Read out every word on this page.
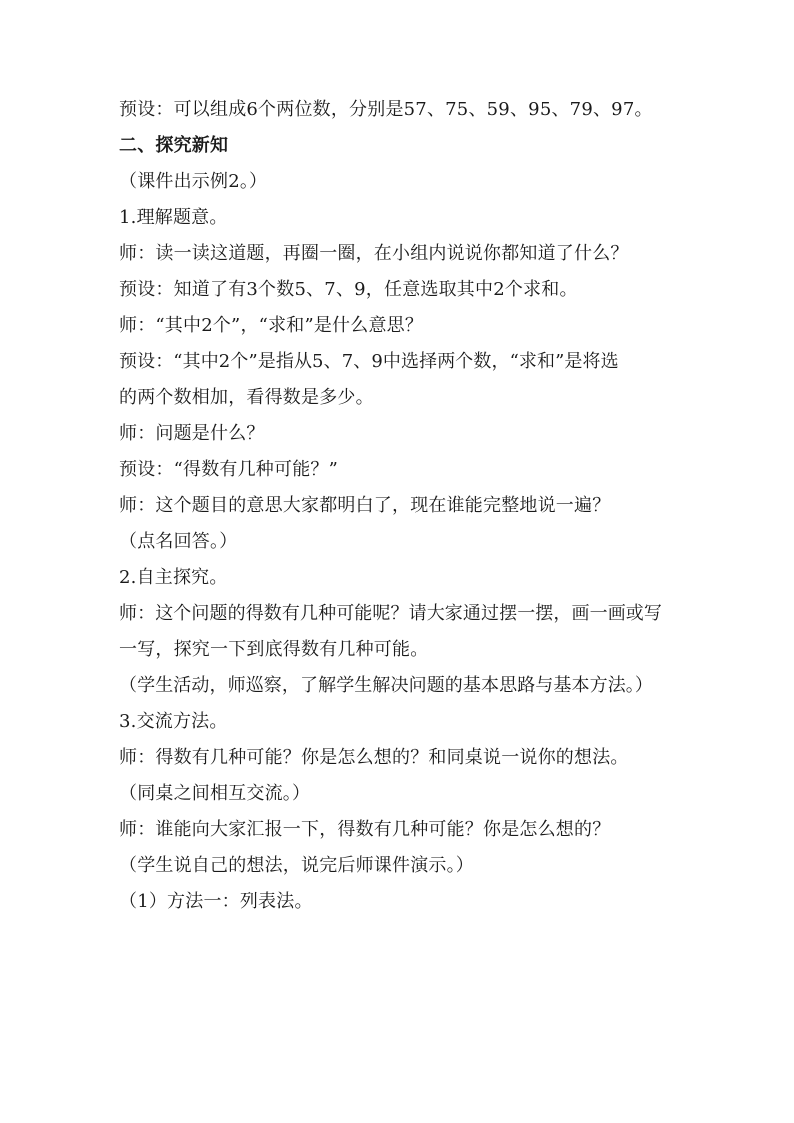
预设：可以组成6个两位数，分别是57、75、59、95、79、97。
二、探究新知
（课件出示例2。）
1.理解题意。
师：读一读这道题，再圈一圈，在小组内说说你都知道了什么？
预设：知道了有3个数5、7、9，任意选取其中2个求和。
师：“其中2个”，“求和”是什么意思？
预设：“其中2个”是指从5、7、9中选择两个数，“求和”是将选
的两个数相加，看得数是多少。
师：问题是什么？
预设：“得数有几种可能？”
师：这个题目的意思大家都明白了，现在谁能完整地说一遍？
（点名回答。）
2.自主探究。
师：这个问题的得数有几种可能呢？请大家通过摆一摆，画一画或写
一写，探究一下到底得数有几种可能。
（学生活动，师巡察，了解学生解决问题的基本思路与基本方法。）
3.交流方法。
师：得数有几种可能？你是怎么想的？和同桌说一说你的想法。
（同桌之间相互交流。）
师：谁能向大家汇报一下，得数有几种可能？你是怎么想的？
（学生说自己的想法，说完后师课件演示。）
（1）方法一：列表法。
